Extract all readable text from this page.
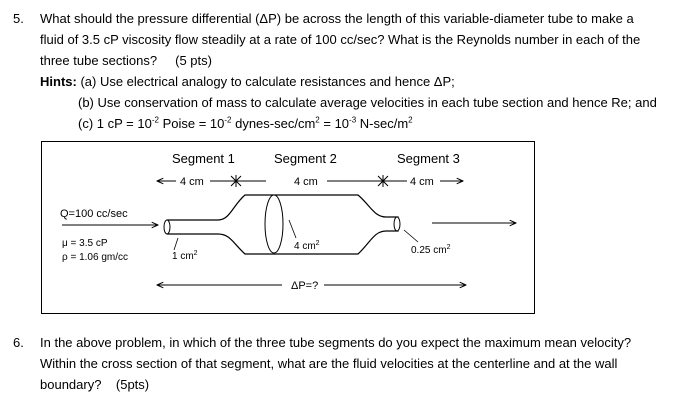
5. What should the pressure differential (ΔP) be across the length of this variable-diameter tube to make a
fluid of 3.5 cP viscosity flow steadily at a rate of 100 cc/sec? What is the Reynolds number in each of the
three tube sections?     (5 pts)
Hints: (a) Use electrical analogy to calculate resistances and hence ΔP;
(b) Use conservation of mass to calculate average velocities in each tube section and hence Re; and
(c) 1 cP = $10^{-2}$ Poise = $10^{-2}$ dynes-$\sec/cm^2 = 10^{-3}$ $N-\sec/m^2$
Segment 1	Segment 2	Segment 3
4 cm	4 cm	4 cm
Q=100 cc/sec
μ = 3.5 cP
ρ = 1.06 gm/cc	1 $cm^2$
4 $cm^2$
0.25 $cm^2$
ΔP=?
6. In the above problem, in which of the three tube segments do you expect the maximum mean velocity?
Within the cross section of that segment, what are the fluid velocities at the centerline and at the wall
boundary?    (5pts)
